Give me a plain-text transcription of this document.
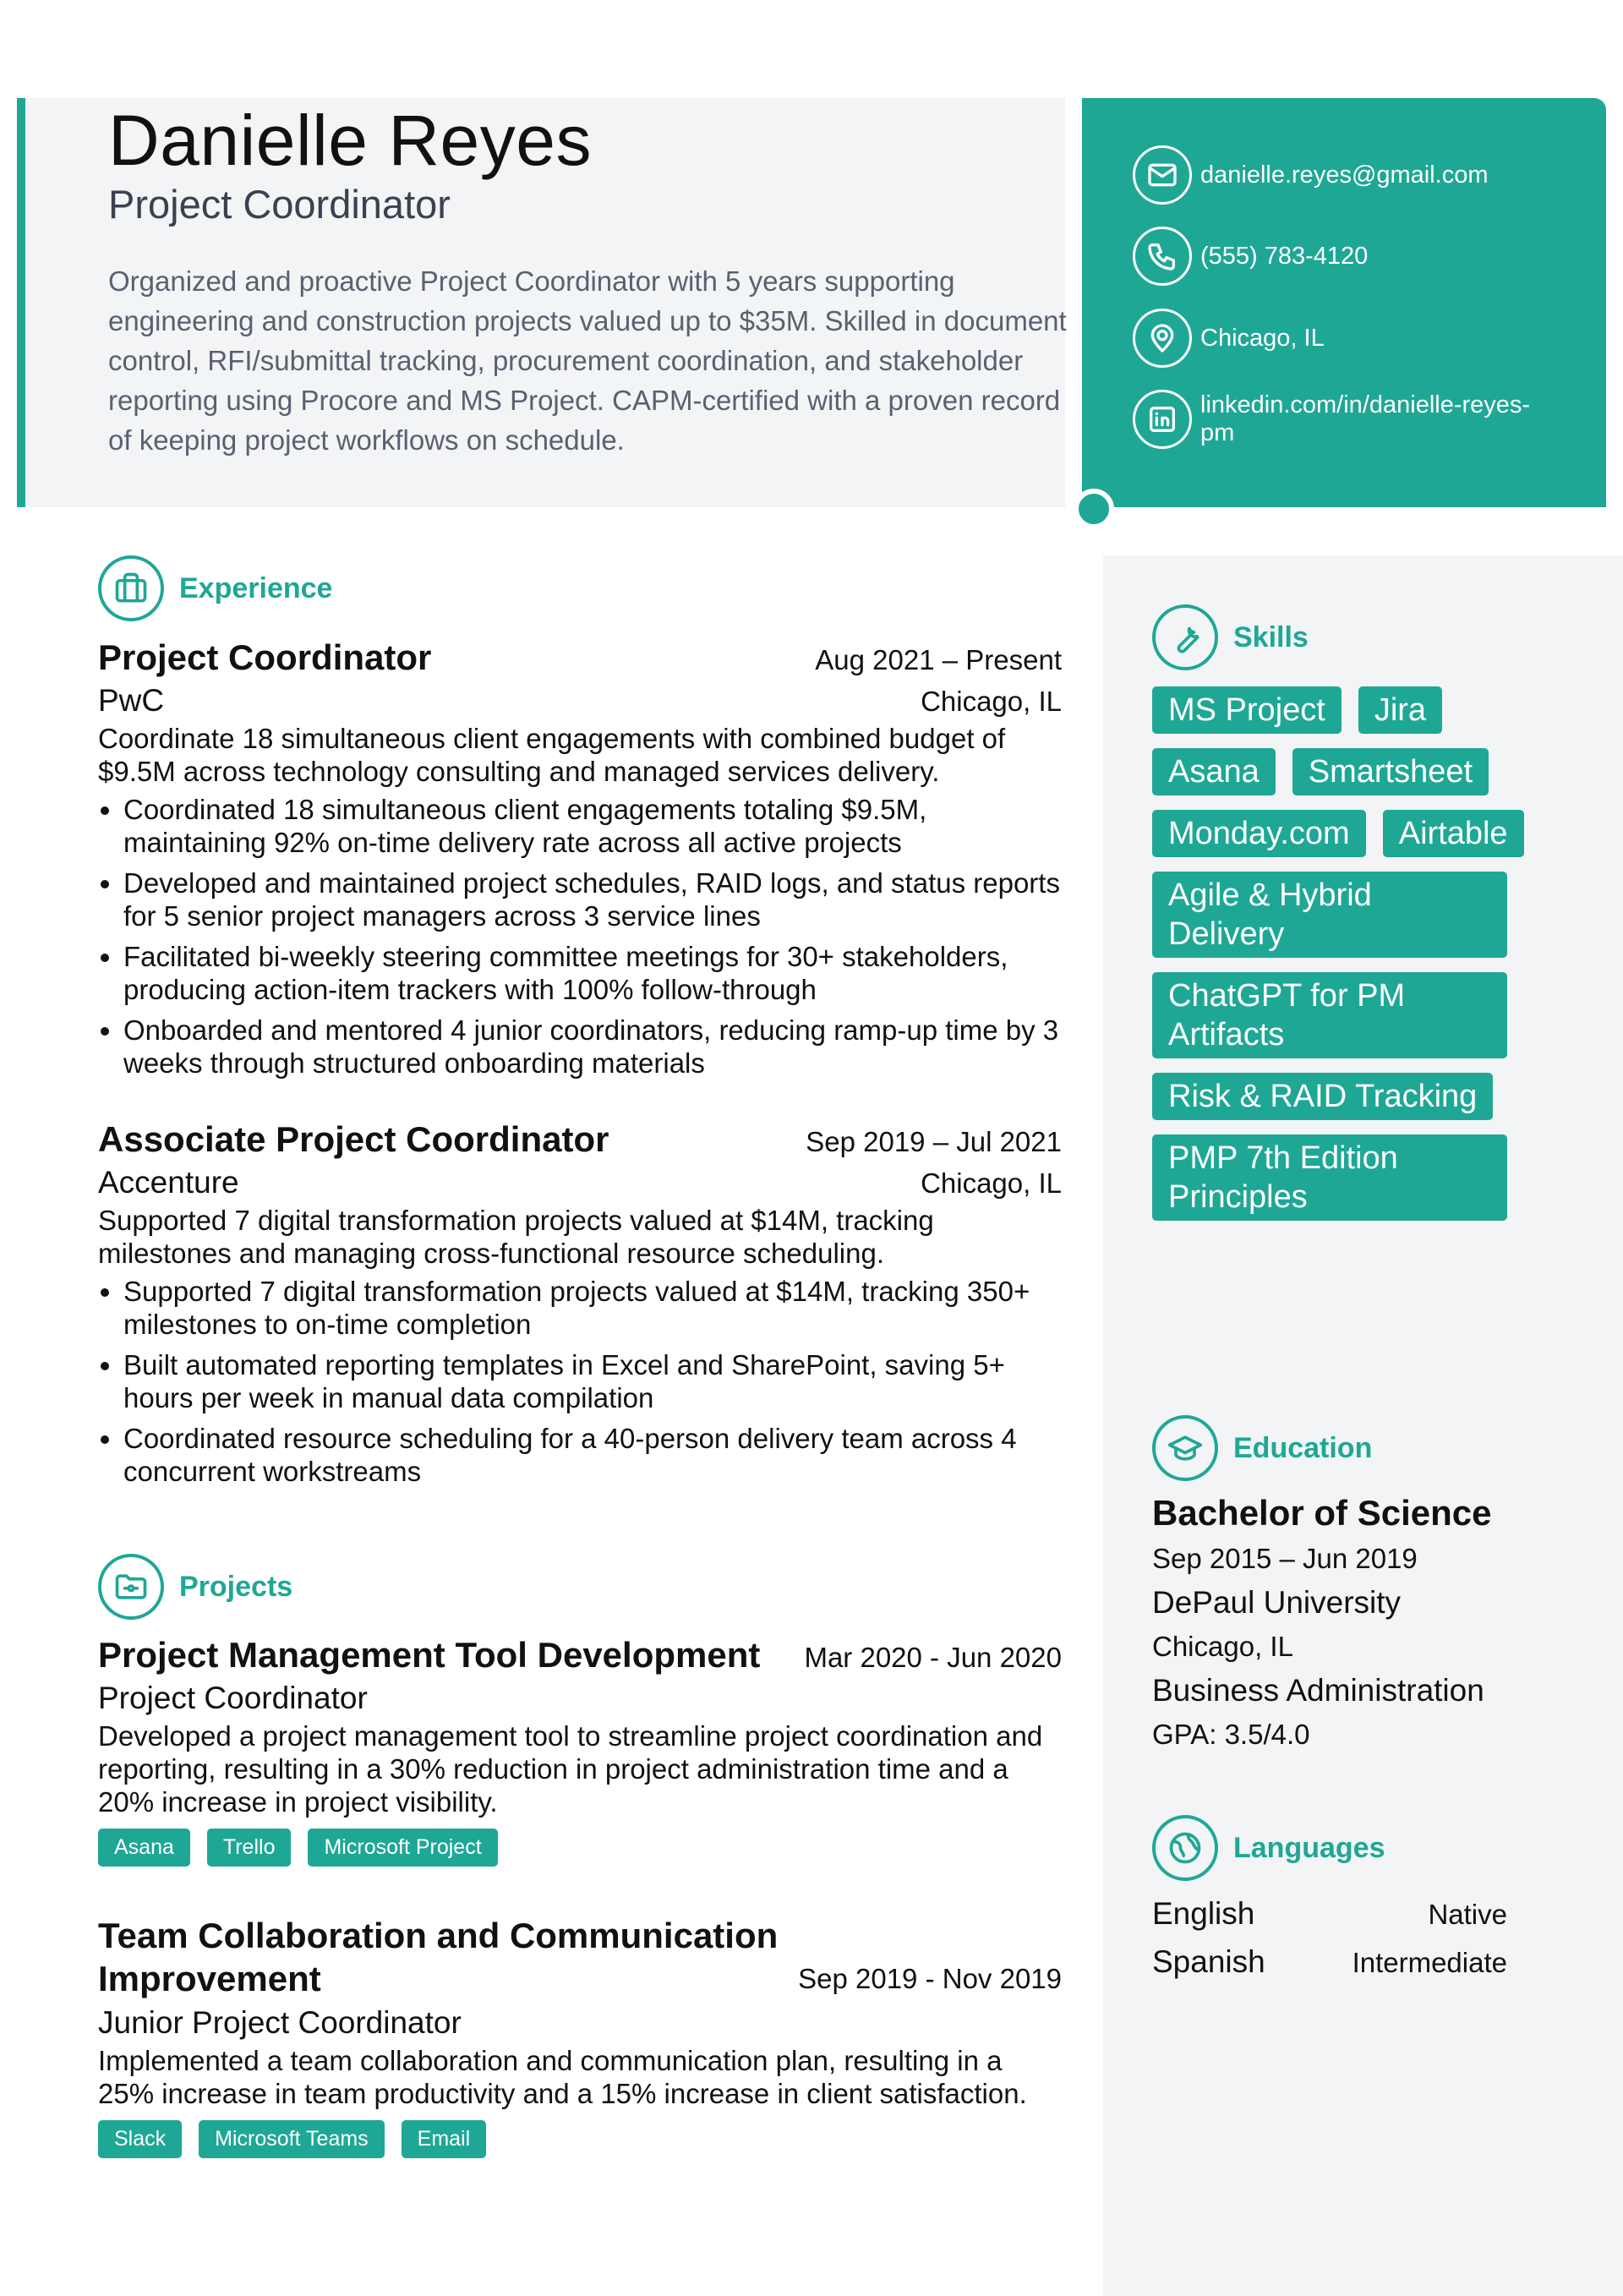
Danielle Reyes
Project Coordinator
Organized and proactive Project Coordinator with 5 years supporting engineering and construction projects valued up to $35M. Skilled in document control, RFI/submittal tracking, procurement coordination, and stakeholder reporting using Procore and MS Project. CAPM-certified with a proven record of keeping project workflows on schedule.
danielle.reyes@gmail.com
(555) 783-4120
Chicago, IL
linkedin.com/in/danielle-reyes-pm
Experience
Project Coordinator	Aug 2021 – Present
PwC	Chicago, IL
Coordinate 18 simultaneous client engagements with combined budget of $9.5M across technology consulting and managed services delivery.
• Coordinated 18 simultaneous client engagements totaling $9.5M, maintaining 92% on-time delivery rate across all active projects
• Developed and maintained project schedules, RAID logs, and status reports for 5 senior project managers across 3 service lines
• Facilitated bi-weekly steering committee meetings for 30+ stakeholders, producing action-item trackers with 100% follow-through
• Onboarded and mentored 4 junior coordinators, reducing ramp-up time by 3 weeks through structured onboarding materials
Associate Project Coordinator	Sep 2019 – Jul 2021
Accenture	Chicago, IL
Supported 7 digital transformation projects valued at $14M, tracking milestones and managing cross-functional resource scheduling.
• Supported 7 digital transformation projects valued at $14M, tracking 350+ milestones to on-time completion
• Built automated reporting templates in Excel and SharePoint, saving 5+ hours per week in manual data compilation
• Coordinated resource scheduling for a 40-person delivery team across 4 concurrent workstreams
Projects
Project Management Tool Development Mar 2020 - Jun 2020
Project Coordinator
Developed a project management tool to streamline project coordination and reporting, resulting in a 30% reduction in project administration time and a 20% increase in project visibility.
Asana	Trello	Microsoft Project
Team Collaboration and Communication
Improvement	Sep 2019 - Nov 2019
Junior Project Coordinator
Implemented a team collaboration and communication plan, resulting in a 25% increase in team productivity and a 15% increase in client satisfaction.
Slack	Microsoft Teams	Email
Skills
MS Project	Jira
Asana	Smartsheet
Monday.com	Airtable
Agile & Hybrid Delivery
ChatGPT for PM Artifacts
Risk & RAID Tracking
PMP 7th Edition Principles
Education
Bachelor of Science
Sep 2015 – Jun 2019
DePaul University
Chicago, IL
Business Administration
GPA: 3.5/4.0
Languages
English	Native
Spanish	Intermediate
